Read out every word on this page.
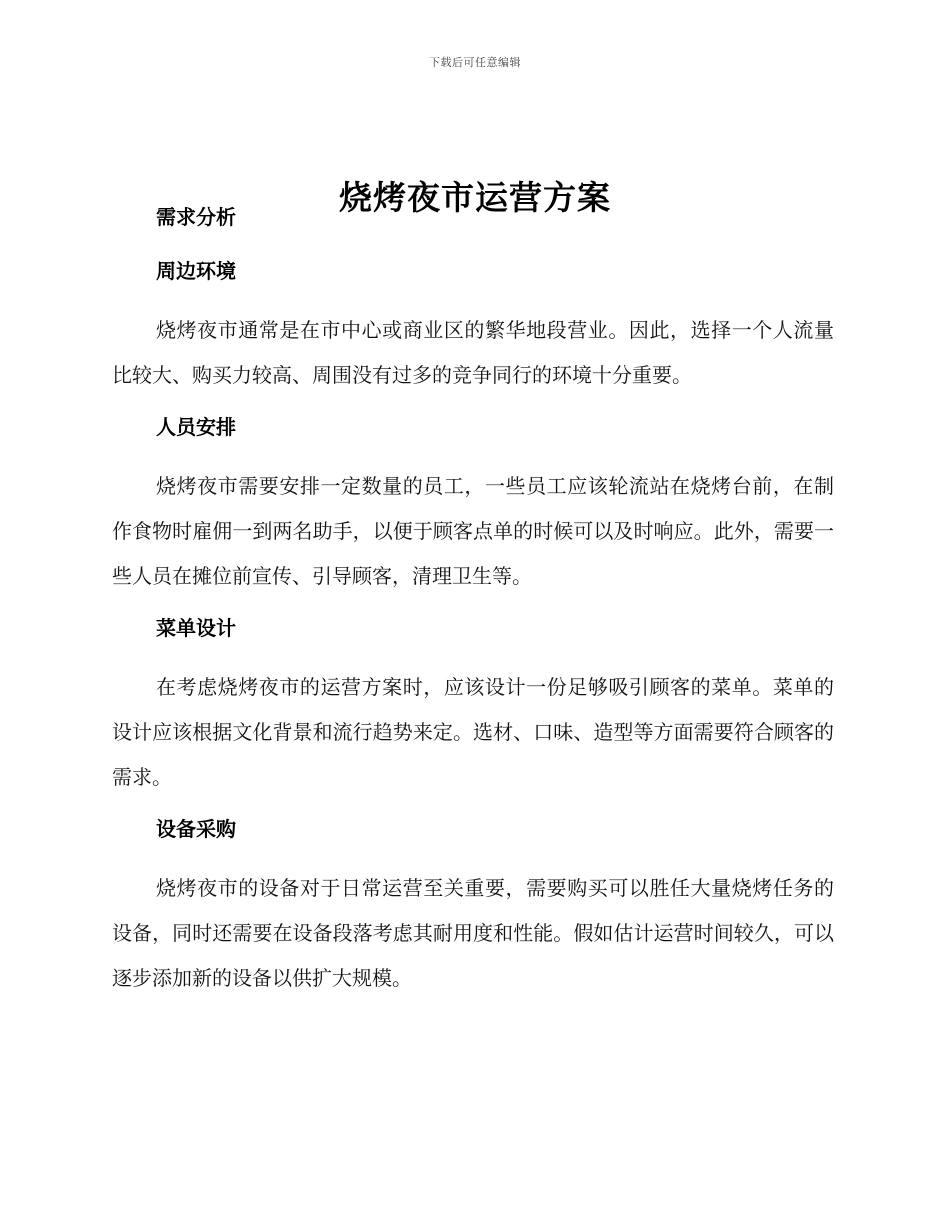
下载后可任意编辑
烧烤夜市运营方案
需求分析
周边环境

烧烤夜市通常是在市中心或商业区的繁华地段营业。因此，选择一个人流量比较大、购买力较高、周围没有过多的竞争同行的环境十分重要。

人员安排

烧烤夜市需要安排一定数量的员工，一些员工应该轮流站在烧烤台前，在制作食物时雇佣一到两名助手，以便于顾客点单的时候可以及时响应。此外，需要一些人员在摊位前宣传、引导顾客，清理卫生等。

菜单设计

在考虑烧烤夜市的运营方案时，应该设计一份足够吸引顾客的菜单。菜单的设计应该根据文化背景和流行趋势来定。选材、口味、造型等方面需要符合顾客的需求。

设备采购

烧烤夜市的设备对于日常运营至关重要，需要购买可以胜任大量烧烤任务的设备，同时还需要在设备段落考虑其耐用度和性能。假如估计运营时间较久，可以逐步添加新的设备以供扩大规模。
